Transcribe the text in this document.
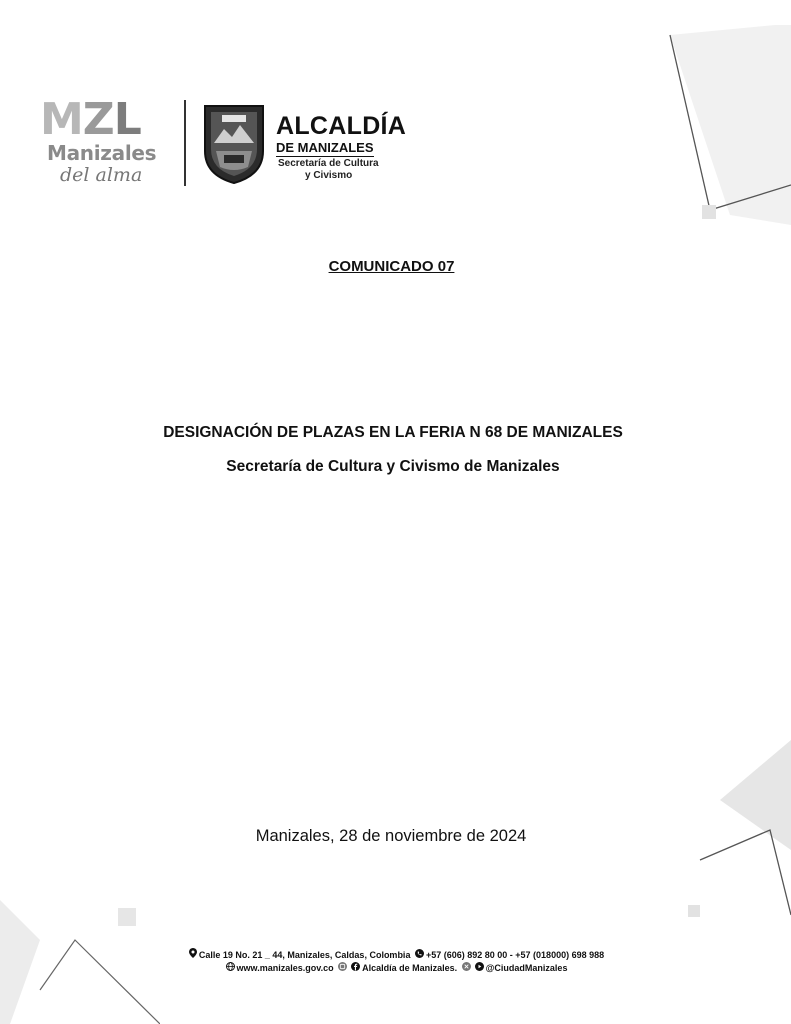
MZL
Manizales
del alma
ALCALDÍA
DE MANIZALES
Secretaría de Cultura
y Civismo
COMUNICADO 07
DESIGNACIÓN DE PLAZAS EN LA FERIA N 68 DE MANIZALES
Secretaría de Cultura y Civismo de Manizales
Manizales, 28 de noviembre de 2024
Calle 19 No. 21 _ 44, Manizales, Caldas, Colombia +57 (606) 892 80 00 - +57 (018000) 698 988
www.manizales.gov.co	Alcaldía de Manizales.	@CiudadManizales
